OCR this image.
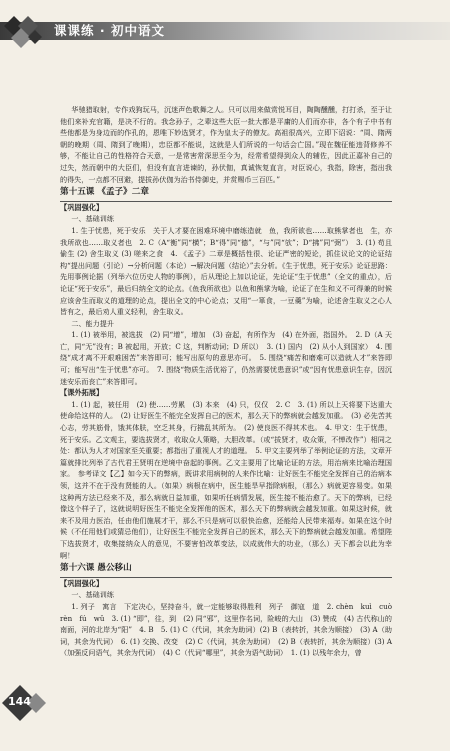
课课练 · 初中语文

华驰猎取射，专作戏狗玩马，沉迷声色歌舞之人。只可以用来做赏悦耳目，陶陶醺醺，打打杀，至于让他们来补充官籍，是决不行的。我念孙子，之辈这些大臣一批大都是平庸的人们而亦非，各个有子中书有些他都是为身边而的作孔的，恩唯下妙选贤才，作为皇太子的僚友。高祖很高兴，立即下诏说：“周、隋两朝的晚期（周、隋到了晚期），忠臣都不能说，这就是人们所说的一句话会亡国。”现在魏征能违背修养不够，不能让自己的性格符合天意，一是常害常深思至今为，经常希望得到众人的辅佐，因此正嘉补自己的过失，然而朝中的大臣们，但没有直言进谏的，孙伏伽，真诚恢复直言，对臣说心，我指，除害，指出我的得失，一点都不回避，提拔孙伏伽为治书侍御史，并赏赐币三百匹。”

第十五课 《孟子》二章
【巩固强化】
一、基础训练

1. 生于忧患，死于安乐　关于人才要在困难环境中磨练造就　鱼，我所欲也……取熊掌者也　生，亦我所欲也……取义者也　2. C（A“衡”同“横”；B“得”同“德”，“与”同“欤”；D“拂”同“弼”）　3. (1) 苟且偷生 (2) 舍生取义 (3) 嗟来之食　4. 《孟子》二章是概括性很、论证严密的短论，抓住议论文的论证结构“提出问题（引论）→分析问题（本论）→解决问题（结论）”去分析。《生于忧患，死于安乐》论证思路：先用事例论据（列举六位历史人物的事例），后从理论上加以论证，先论证“生于忧患”（全文的重点），后论证“死于安乐”，最后归纳全文的论点。《鱼我所欲也》以鱼和熊掌为喻，论证了在生和义不可得兼的时候应该舍生而取义的道理的论点，提出全文的中心论点；又用“一箪食，一豆羹”为喻，论述舍生取义之心人皆有之，最后劝人重义轻利，舍生取义。

二、能力提升

1. (1) 被举用，被选拔　(2) 同“增”，增加　(3) 奋起，有所作为　(4) 在外面，指国外。　2. D（A 天亡，同“无”没有；B 被起用，开放；C 这，判断动词；D 所以）　3. (1) 国内　(2) 从小人到国家）　4. 围绕“成才离不开艰难困苦”来答即可；能写出原句的意思亦可。　5. 围绕“痛苦和磨难可以造就人才”来答即可；能写出“生于忧患”亦可。　7. 围绕“物质生活优裕了，仍然需要忧患意识”或“因有忧患意识生存，因沉迷安乐而丧亡”来答即可。

【课外拓展】

1. (1) 起，被任用　(2) 使……劳累　(3) 本来　(4) 只，仅仅　2. C　3. (1) 所以上天将要下达重大使命给这样的人。　(2) 让好医生不能完全发挥自己的医术，那么天下的弊病就会越发加重。　(3) 必先苦其心志，劳其筋骨，饿其体肤，空乏其身，行拂乱其所为。　(2) 使良医不得其术也。　4. 甲文：生于忧患，死于安乐。乙文观主，要选拔贤才，收取众人策略，大胆改革。（或“拔贤才，收众策，不惮改作”）相同之处：都认为人才对国家至关重要；都指出了重视人才的道理。　5. 甲文主要列举了举例论证的方法，文章开篇就排比列举了古代君王贤明在逆境中奋起的事例。乙文主要用了比喻论证的方法，用治病来比喻治理国家。　参考译文【乙】如今天下的弊病，既讲求用病树的人来作比喻：让好医生不能完全发挥自己的治病本领，这并不在于没有贤能的人。（如果）病根在病中，医生能旱早指除病根，（那么）病就更容易变。如果这种两方法已经来不及，那么病就日益加重，如果听任病情发展，医生接不能治愈了。天下的弊病，已经像这个样子了，这就说明好医生不能完全发挥他的医术，那么天下的弊病就会越发加重。如果这时候，就来不及用力医治，任由他们施展才干，那么不只是病可以很快治愈，还能给人民带来福寿。如果在这个时候（不任用他们或猜忌他们），让好医生不能完全发挥自己的医术，那么天下的弊病就会越发加重。希望陛下选拔贤才，收集接纳众人的意见，不要害怕改革变法，以成就伟大的功业，（那么）天下都会以此为幸啊！

第十六课 愚公移山
【巩固强化】
一、基础训练

1. 列子　寓言　下定决心，坚持奋斗，就一定能够取得胜利　列子　御寇　道　2. chèn　kuì　cuò　rèn　fú　wǔ　3. (1) “即”，往，到　(2) 同“邪”，这里作名词，险峻的大山　(3) 赞成　(4) 古代称山的南面，河的北岸为“阳”　4. B　5. (1) C（代词，其余为助词）(2) B（表转折，其余为顺接）　(3) A（助词，其余为代词）　6. (1) 交换、改变　(2) C（代词，其余为助词）　(2) B（表转折，其余为顺接）(3) A（加强反问语气，其余为代词）　(4) C（代词“哪里”，其余为语气助词）　1. (1) 以残年余力，曾

144
